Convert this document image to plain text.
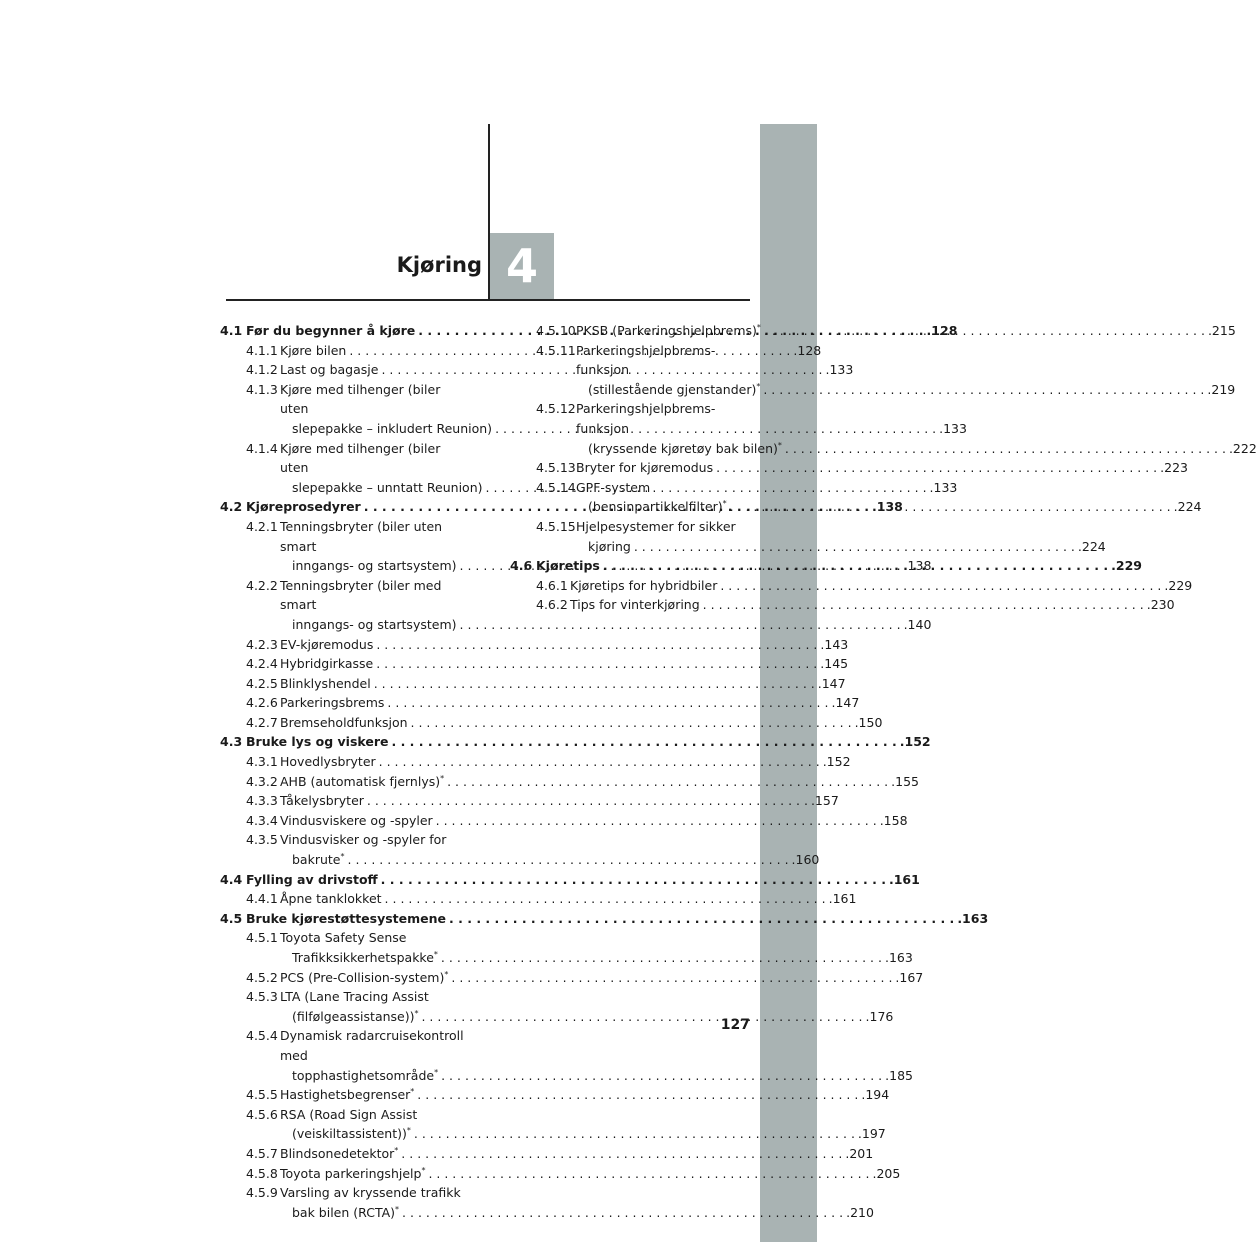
Kjøring 4
4.1 Før du begynner å kjøre . . .	.128
4.1.1 Kjøre bilen . . .	.128
4.1.2 Last og bagasje . . .	.133
4.1.3 Kjøre med tilhenger (biler uten
slepepakke – inkludert Reunion) . . .	.133
4.1.4 Kjøre med tilhenger (biler uten
slepepakke – unntatt Reunion) . . .	.133
4.2 Kjøreprosedyrer . . .	.138
4.2.1 Tenningsbryter (biler uten smart
inngangs- og startsystem) . . .	.138
4.2.2 Tenningsbryter (biler med smart
inngangs- og startsystem) . . .	.140
4.2.3 EV-kjøremodus . . .	.143
4.2.4 Hybridgirkasse . . .	.145
4.2.5 Blinklyshendel . . .	.147
4.2.6 Parkeringsbrems . . .	.147
4.2.7 Bremseholdfunksjon . . .	.150
4.3 Bruke lys og viskere . . .	.152
4.3.1 Hovedlysbryter . . .	.152
4.3.2 AHB (automatisk fjernlys)* . . .	.155
4.3.3 Tåkelysbryter . . .	.157
4.3.4 Vindusviskere og -spyler . . .	.158
4.3.5 Vindusvisker og -spyler for
bakrute* . . .	.160
4.4 Fylling av drivstoff . . .	.161
4.4.1 Åpne tanklokket . . .	.161
4.5 Bruke kjørestøttesystemene . . .	.163
4.5.1 Toyota Safety Sense
Trafikksikkerhetspakke* . . .	.163
4.5.2 PCS (Pre-Collision-system)* . . .	.167
4.5.3 LTA (Lane Tracing Assist
(filfølgeassistanse))* . . .	.176
4.5.4 Dynamisk radarcruisekontroll med
topphastighetsområde* . . .	.185
4.5.5 Hastighetsbegrenser* . . .	.194
4.5.6 RSA (Road Sign Assist
(veiskiltassistent))* . . .	.197
4.5.7 Blindsonedetektor* . . .	.201
4.5.8 Toyota parkeringshjelp* . . .	.205
4.5.9 Varsling av kryssende trafikk
bak bilen (RCTA)* . . .	.210
4.5.10 PKSB (Parkeringshjelpbrems)* . . .	.215
4.5.11 Parkeringshjelpbrems-funksjon
(stillestående gjenstander)* . . .	.219
4.5.12 Parkeringshjelpbrems-funksjon
(kryssende kjøretøy bak bilen)* . . .	.222
4.5.13 Bryter for kjøremodus . . .	.223
4.5.14 GPF-system
(bensinpartikkelfilter)* . . .	.224
4.5.15 Hjelpesystemer for sikker
kjøring . . .	.224
4.6 Kjøretips . . .	.229
4.6.1 Kjøretips for hybridbiler . . .	.229
4.6.2 Tips for vinterkjøring . . .	.230
127
